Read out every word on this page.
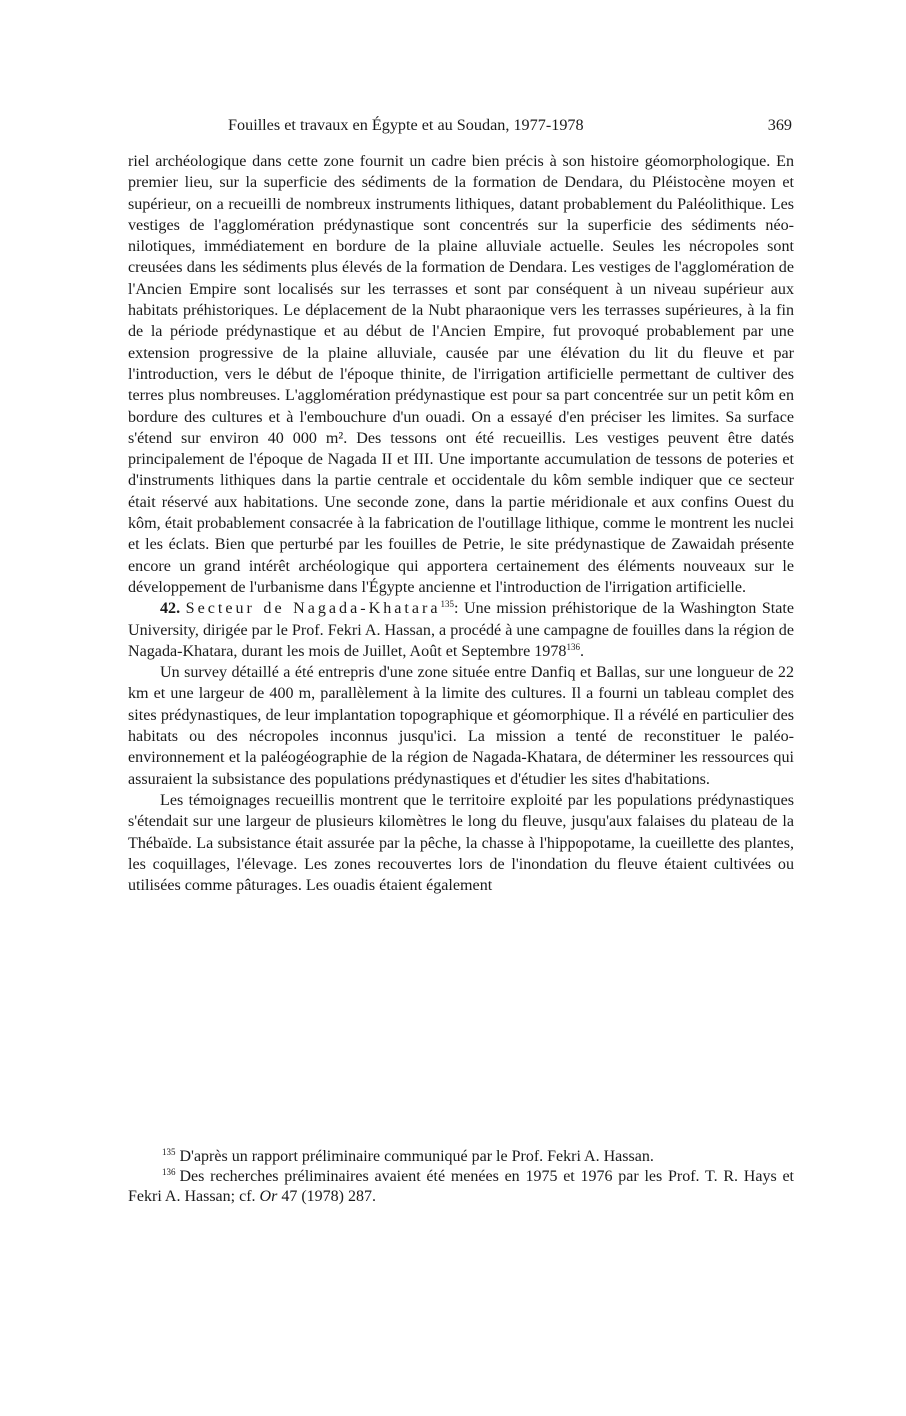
Fouilles et travaux en Égypte et au Soudan, 1977-1978	369

riel archéologique dans cette zone fournit un cadre bien précis à son histoire géomorphologique. En premier lieu, sur la superficie des sédiments de la formation de Dendara, du Pléistocène moyen et supérieur, on a recueilli de nombreux instruments lithiques, datant probablement du Paléolithique. Les vestiges de l'agglomération prédynastique sont concentrés sur la superficie des sédiments néo-nilotiques, immédiatement en bordure de la plaine alluviale actuelle. Seules les nécropoles sont creusées dans les sédiments plus élevés de la formation de Dendara. Les vestiges de l'agglomération de l'Ancien Empire sont localisés sur les terrasses et sont par conséquent à un niveau supérieur aux habitats préhistoriques. Le déplacement de la Nubt pharaonique vers les terrasses supérieures, à la fin de la période prédynastique et au début de l'Ancien Empire, fut provoqué probablement par une extension progressive de la plaine alluviale, causée par une élévation du lit du fleuve et par l'introduction, vers le début de l'époque thinite, de l'irrigation artificielle permettant de cultiver des terres plus nombreuses. L'agglomération prédynastique est pour sa part concentrée sur un petit kôm en bordure des cultures et à l'embouchure d'un ouadi. On a essayé d'en préciser les limites. Sa surface s'étend sur environ 40 000 m². Des tessons ont été recueillis. Les vestiges peuvent être datés principalement de l'époque de Nagada II et III. Une importante accumulation de tessons de poteries et d'instruments lithiques dans la partie centrale et occidentale du kôm semble indiquer que ce secteur était réservé aux habitations. Une seconde zone, dans la partie méridionale et aux confins Ouest du kôm, était probablement consacrée à la fabrication de l'outillage lithique, comme le montrent les nuclei et les éclats. Bien que perturbé par les fouilles de Petrie, le site prédynastique de Zawaidah présente encore un grand intérêt archéologique qui apportera certainement des éléments nouveaux sur le développement de l'urbanisme dans l'Égypte ancienne et l'introduction de l'irrigation artificielle.

42. Secteur de Nagada-Khatara$^{135}$: Une mission préhistorique de la Washington State University, dirigée par le Prof. Fekri A. Hassan, a procédé à une campagne de fouilles dans la région de Nagada-Khatara, durant les mois de Juillet, Août et Septembre 1978$^{136}$.

Un survey détaillé a été entrepris d'une zone située entre Danfiq et Ballas, sur une longueur de 22 km et une largeur de 400 m, parallèlement à la limite des cultures. Il a fourni un tableau complet des sites prédynastiques, de leur implantation topographique et géomorphique. Il a révélé en particulier des habitats ou des nécropoles inconnus jusqu'ici. La mission a tenté de reconstituer le paléo-environnement et la paléogéographie de la région de Nagada-Khatara, de déterminer les ressources qui assuraient la subsistance des populations prédynastiques et d'étudier les sites d'habitations.

Les témoignages recueillis montrent que le territoire exploité par les populations prédynastiques s'étendait sur une largeur de plusieurs kilomètres le long du fleuve, jusqu'aux falaises du plateau de la Thébaïde. La subsistance était assurée par la pêche, la chasse à l'hippopotame, la cueillette des plantes, les coquillages, l'élevage. Les zones recouvertes lors de l'inondation du fleuve étaient cultivées ou utilisées comme pâturages. Les ouadis étaient également

$^{135}$ D'après un rapport préliminaire communiqué par le Prof. Fekri A. Hassan.

$^{136}$ Des recherches préliminaires avaient été menées en 1975 et 1976 par les Prof. T. R. Hays et Fekri A. Hassan; cf. Or 47 (1978) 287.
